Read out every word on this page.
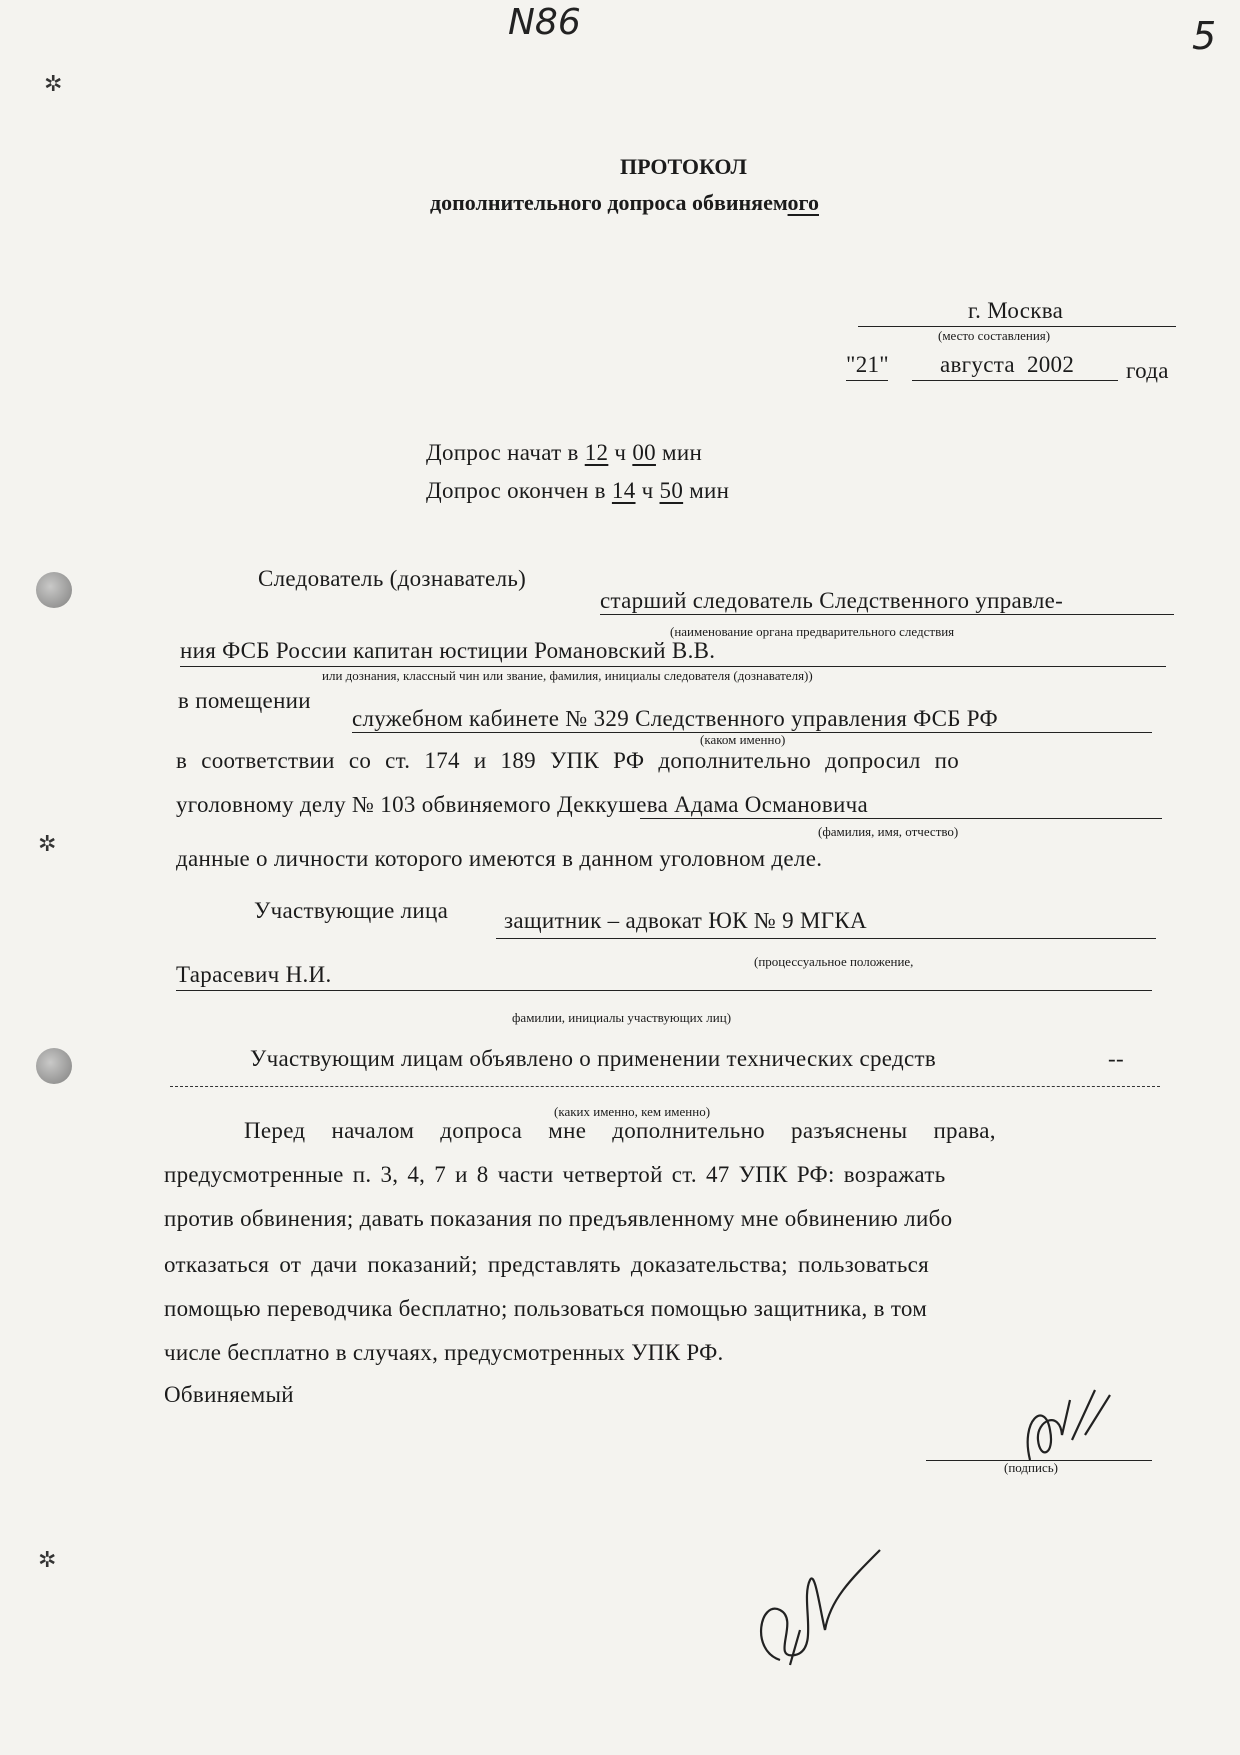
✲
✲
✲
N86	5
ПРОТОКОЛ
дополнительного допроса обвиняемого
г. Москва
(место составления)
"21" августа  2002 года
Допрос начат в 12 ч 00 мин
Допрос окончен в 14 ч 50 мин
Следователь (дознаватель)
старший следователь Следственного управле-
(наименование органа предварительного следствия
ния ФСБ России капитан юстиции Романовский В.В.
или дознания, классный чин или звание, фамилия, инициалы следователя (дознавателя))
в помещении
служебном кабинете № 329 Следственного управления ФСБ РФ
(каком именно)
в соответствии со ст. 174 и 189 УПК РФ дополнительно допросил по
уголовному делу № 103 обвиняемого Деккушева Адама Османовича
(фамилия, имя, отчество)
данные о личности которого имеются в данном уголовном деле.
Участвующие лица защитник – адвокат ЮК № 9 МГКА
(процессуальное положение,
Тарасевич Н.И.
фамилии, инициалы участвующих лиц)
Участвующим лицам объявлено о применении технических средств	--
(каких именно, кем именно)
Перед началом допроса мне дополнительно разъяснены права,
предусмотренные п. 3, 4, 7 и 8 части четвертой ст. 47 УПК РФ: возражать
против обвинения; давать показания по предъявленному мне обвинению либо
отказаться от дачи показаний; представлять доказательства; пользоваться
помощью переводчика бесплатно; пользоваться помощью защитника, в том
числе бесплатно в случаях, предусмотренных УПК РФ.
Обвиняемый
(подпись)
